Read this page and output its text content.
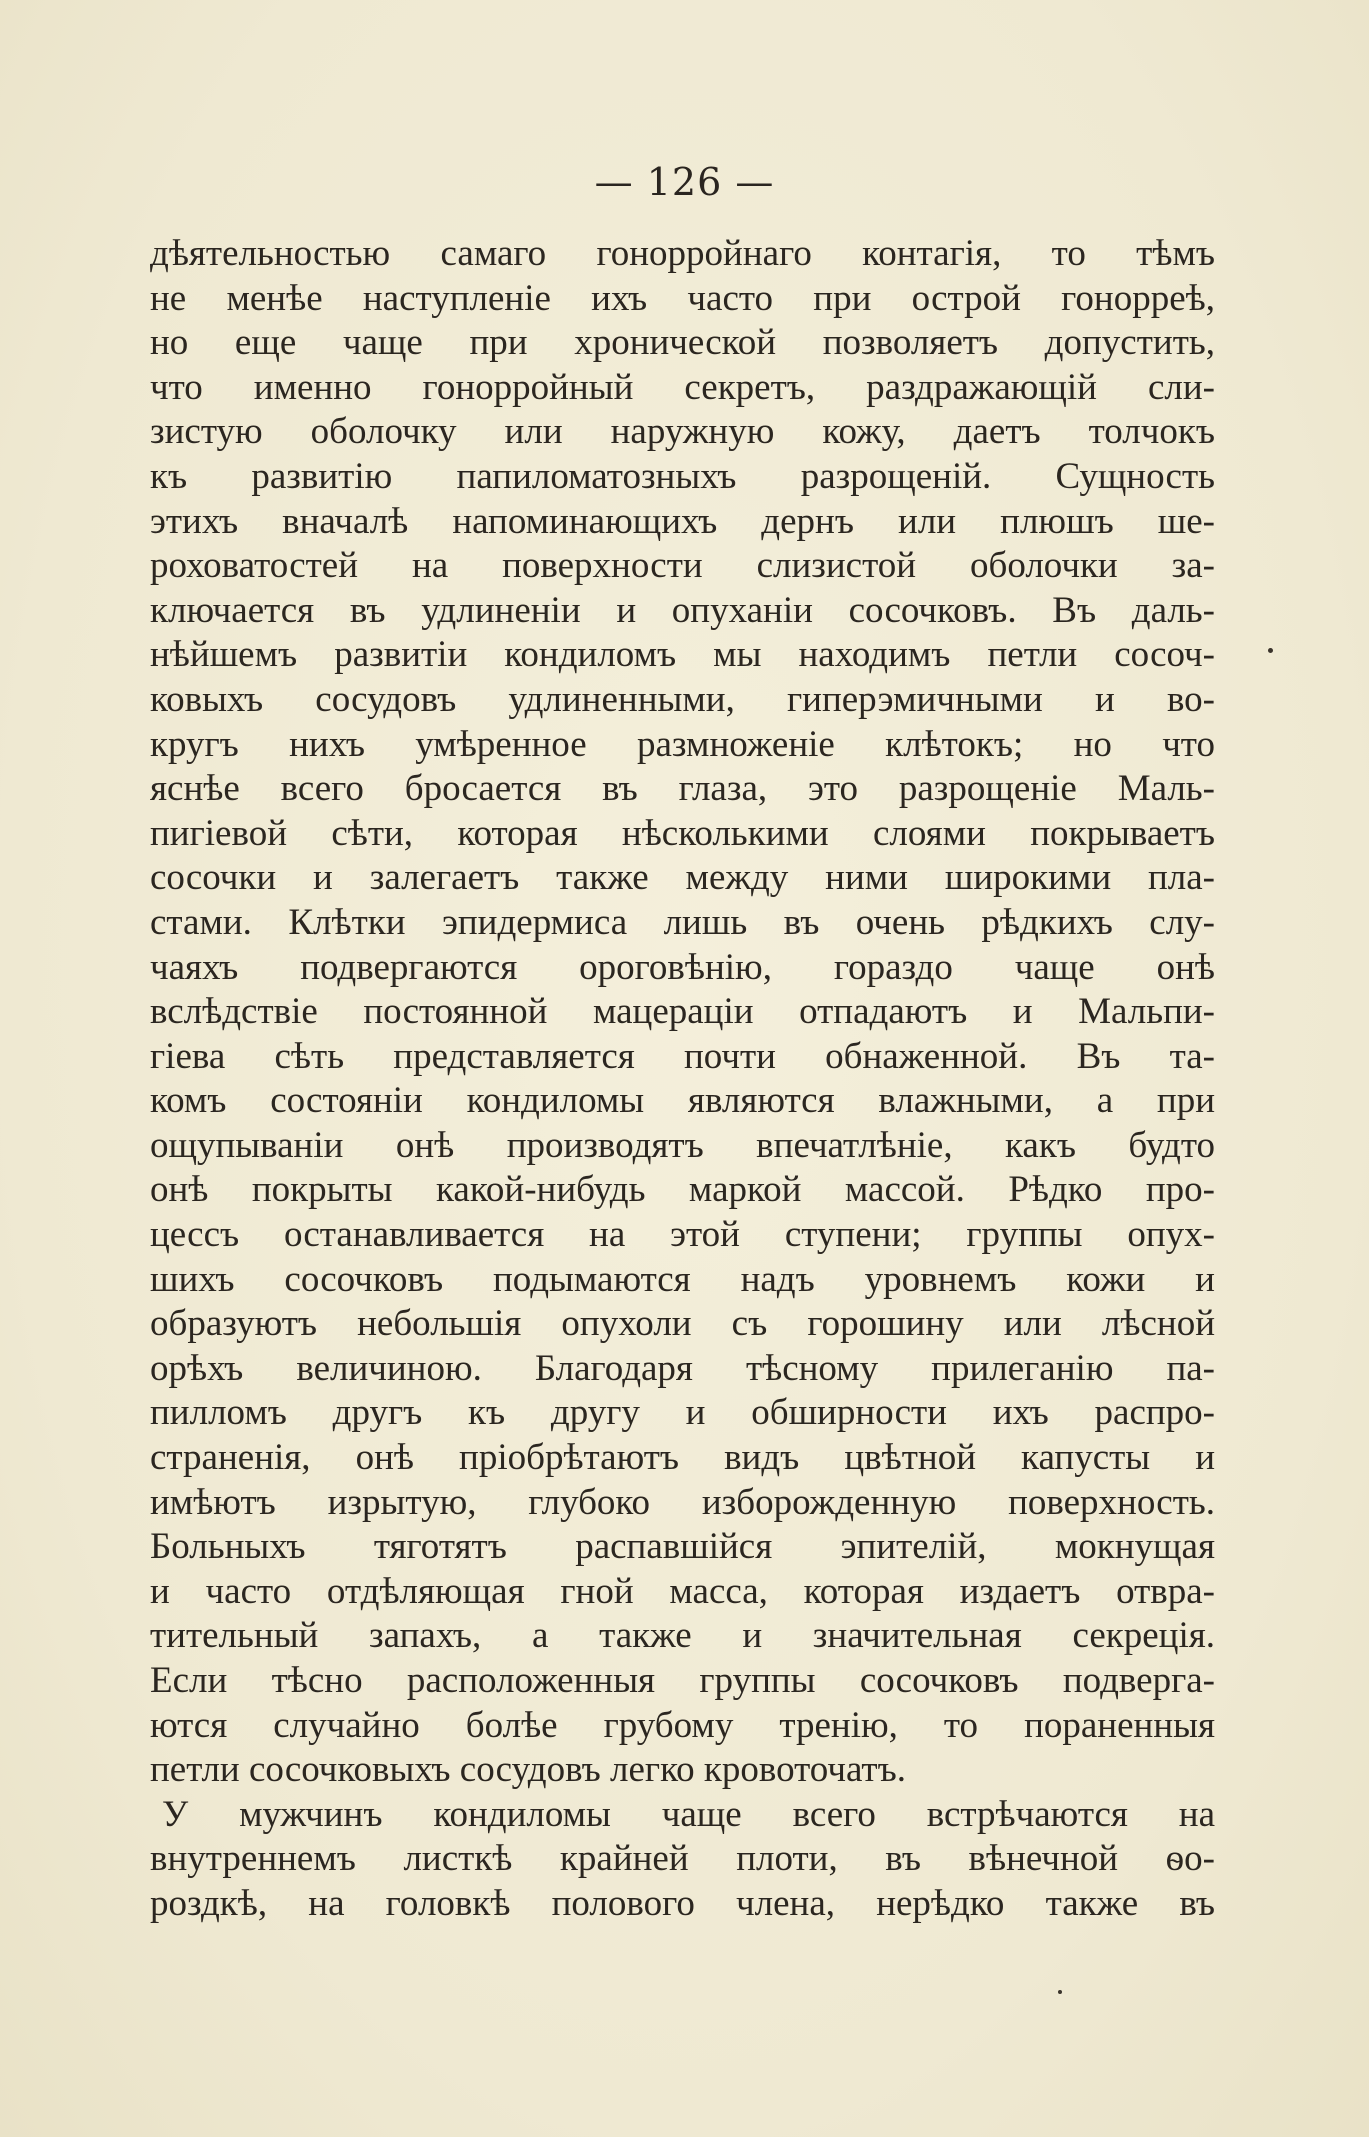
— 126 —
дѣятельностью самаго гонорройнаго контагія, то тѣмъ
не менѣе наступленіе ихъ часто при острой гонорреѣ,
но еще чаще при хронической позволяетъ допустить,
что именно гонорройный секретъ, раздражающій сли-
зистую оболочку или наружную кожу, даетъ толчокъ
къ развитію папиломатозныхъ разрощеній. Сущность
этихъ вначалѣ напоминающихъ дернъ или плюшъ ше-
роховатостей на поверхности слизистой оболочки за-
ключается въ удлиненіи и опуханіи сосочковъ. Въ даль-
нѣйшемъ развитіи кондиломъ мы находимъ петли сосоч-
ковыхъ сосудовъ удлиненными, гиперэмичными и во-
кругъ нихъ умѣренное размноженіе клѣтокъ; но что
яснѣе всего бросается въ глаза, это разрощеніе Маль-
пигіевой сѣти, которая нѣсколькими слоями покрываетъ
сосочки и залегаетъ также между ними широкими пла-
стами. Клѣтки эпидермиса лишь въ очень рѣдкихъ слу-
чаяхъ подвергаются ороговѣнію, гораздо чаще онѣ
вслѣдствіе постоянной мацераціи отпадаютъ и Мальпи-
гіева сѣть представляется почти обнаженной. Въ та-
комъ состояніи кондиломы являются влажными, а при
ощупываніи онѣ производятъ впечатлѣніе, какъ будто
онѣ покрыты какой-нибудь маркой массой. Рѣдко про-
цессъ останавливается на этой ступени; группы опух-
шихъ сосочковъ подымаются надъ уровнемъ кожи и
образуютъ небольшія опухоли съ горошину или лѣсной
орѣхъ величиною. Благодаря тѣсному прилеганію па-
пилломъ другъ къ другу и обширности ихъ распро-
страненія, онѣ пріобрѣтаютъ видъ цвѣтной капусты и
имѣютъ изрытую, глубоко изборожденную поверхность.
Больныхъ тяготятъ распавшійся эпителій, мокнущая
и часто отдѣляющая гной масса, которая издаетъ отвра-
тительный запахъ, а также и значительная секреція.
Если тѣсно расположенныя группы сосочковъ подверга-
ются случайно болѣе грубому тренію, то пораненныя
петли сосочковыхъ сосудовъ легко кровоточатъ.
У мужчинъ кондиломы чаще всего встрѣчаются на
внутреннемъ листкѣ крайней плоти, въ вѣнечной ѳо-
роздкѣ, на головкѣ полового члена, нерѣдко также въ
